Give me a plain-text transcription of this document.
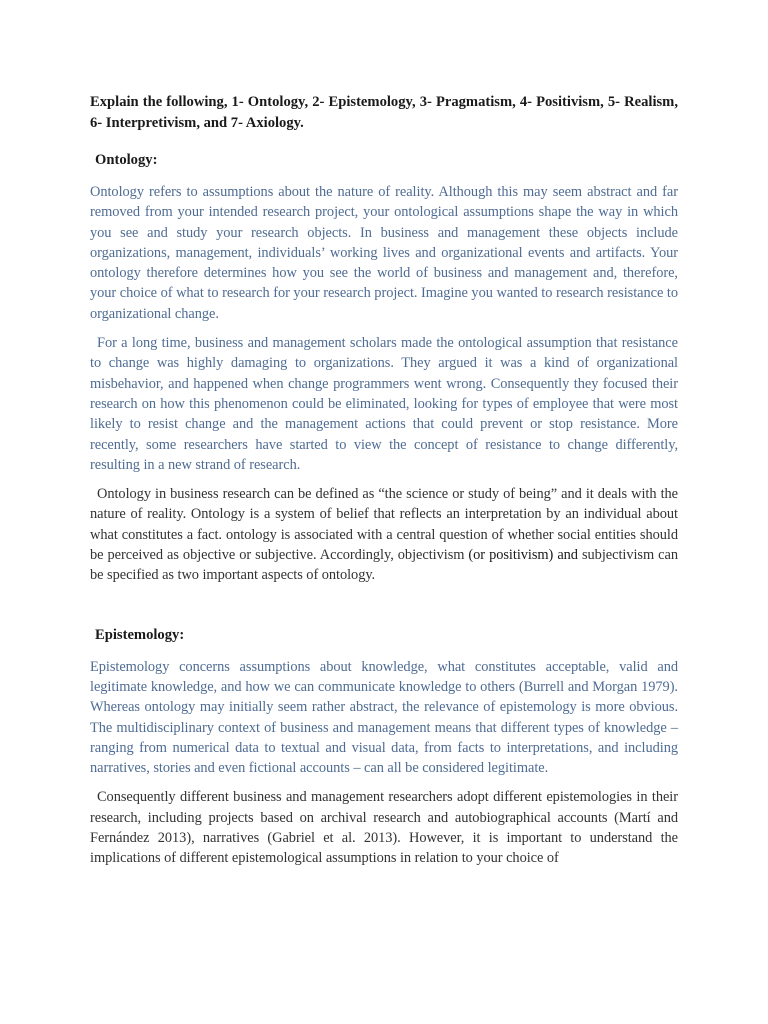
Explain the following, 1- Ontology, 2- Epistemology, 3- Pragmatism, 4- Positivism, 5- Realism, 6- Interpretivism, and 7- Axiology.

Ontology:

Ontology refers to assumptions about the nature of reality. Although this may seem abstract and far removed from your intended research project, your ontological assumptions shape the way in which you see and study your research objects. In business and management these objects include organizations, management, individuals’ working lives and organizational events and artifacts. Your ontology therefore determines how you see the world of business and management and, therefore, your choice of what to research for your research project. Imagine you wanted to research resistance to organizational change.

For a long time, business and management scholars made the ontological assumption that resistance to change was highly damaging to organizations. They argued it was a kind of organizational misbehavior, and happened when change programmers went wrong. Consequently they focused their research on how this phenomenon could be eliminated, looking for types of employee that were most likely to resist change and the management actions that could prevent or stop resistance. More recently, some researchers have started to view the concept of resistance to change differently, resulting in a new strand of research.

Ontology in business research can be defined as “the science or study of being” and it deals with the nature of reality. Ontology is a system of belief that reflects an interpretation by an individual about what constitutes a fact. ontology is associated with a central question of whether social entities should be perceived as objective or subjective. Accordingly, objectivism (or positivism) and subjectivism can be specified as two important aspects of ontology.

Epistemology:

Epistemology concerns assumptions about knowledge, what constitutes acceptable, valid and legitimate knowledge, and how we can communicate knowledge to others (Burrell and Morgan 1979). Whereas ontology may initially seem rather abstract, the relevance of epistemology is more obvious. The multidisciplinary context of business and management means that different types of knowledge – ranging from numerical data to textual and visual data, from facts to interpretations, and including narratives, stories and even fictional accounts – can all be considered legitimate.

Consequently different business and management researchers adopt different epistemologies in their research, including projects based on archival research and autobiographical accounts (Martí and Fernández 2013), narratives (Gabriel et al. 2013). However, it is important to understand the implications of different epistemological assumptions in relation to your choice of
